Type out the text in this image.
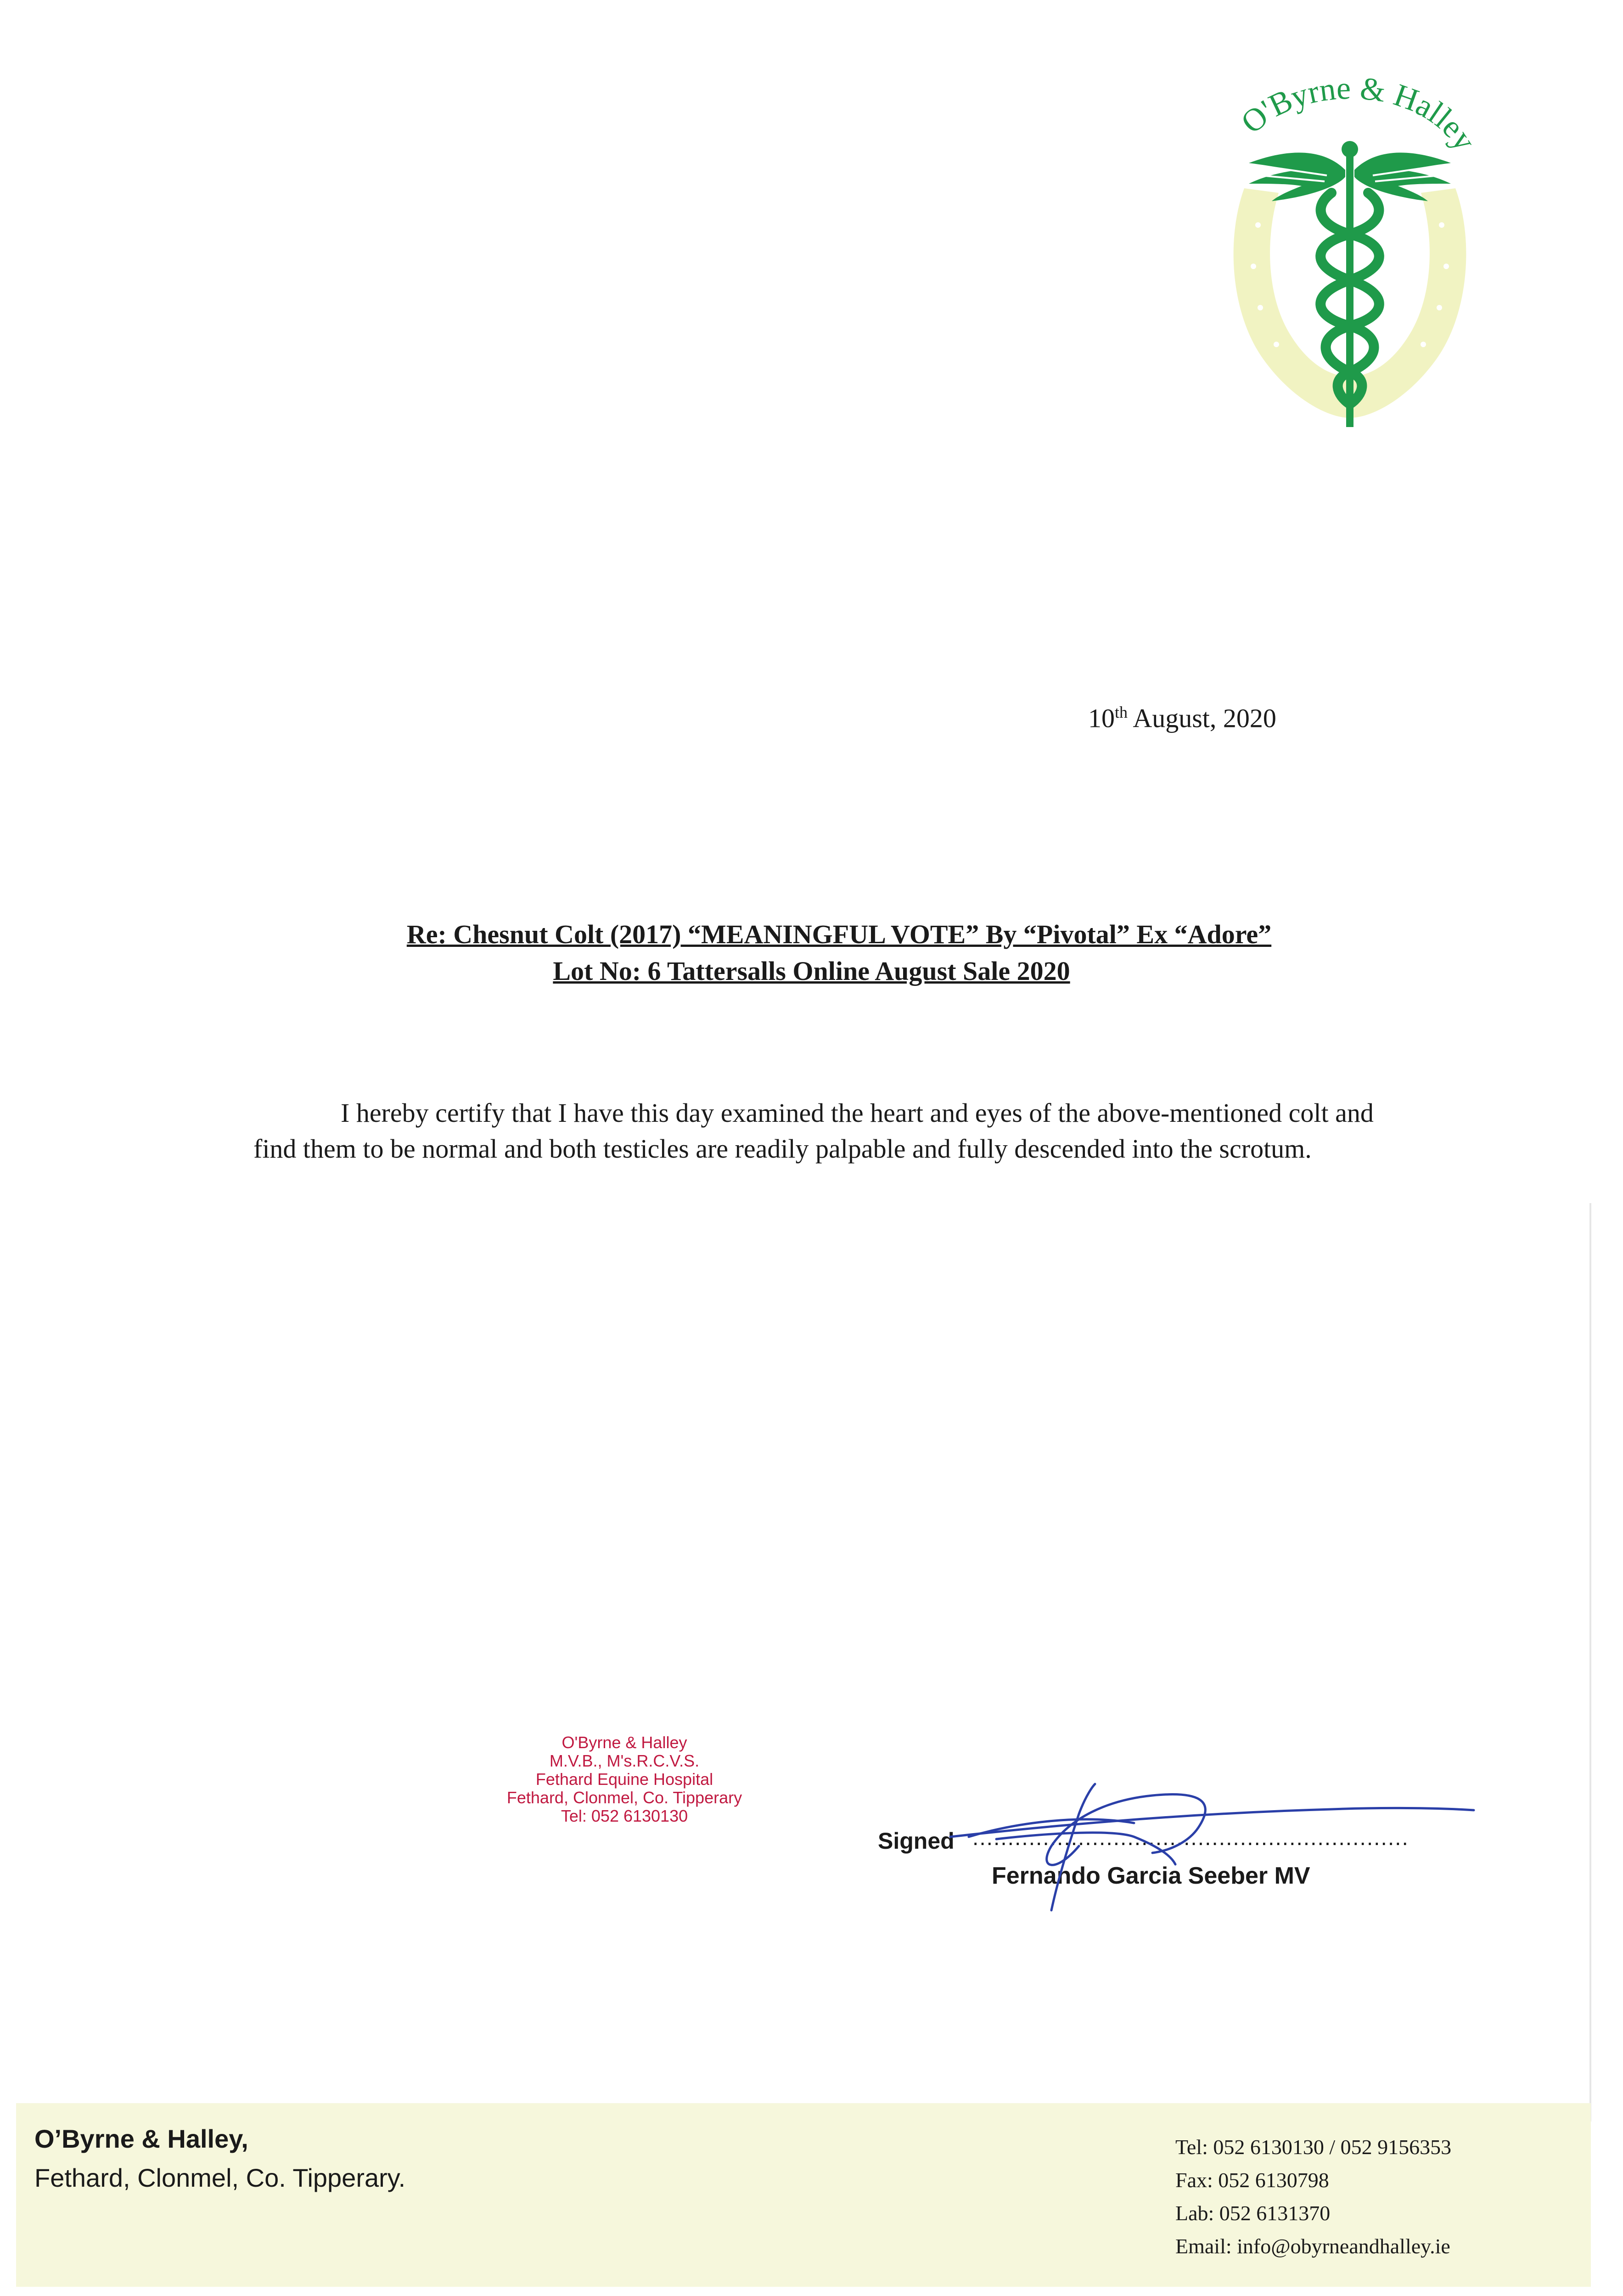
O'Byrne & Halley
10th August, 2020
Re: Chesnut Colt (2017) “MEANINGFUL VOTE” By “Pivotal” Ex “Adore”
Lot No: 6 Tattersalls Online August Sale 2020
I hereby certify that I have this day examined the heart and eyes of the above-mentioned colt and find them to be normal and both testicles are readily palpable and fully descended into the scrotum.
O'Byrne & Halley
M.V.B., M's.R.C.V.S.
Fethard Equine Hospital
Fethard, Clonmel, Co. Tipperary
Tel: 052 6130130
Signed ..............................................................
Fernando Garcia Seeber MV
O’Byrne & Halley,
Fethard, Clonmel, Co. Tipperary.
Tel: 052 6130130 / 052 9156353
Fax: 052 6130798
Lab: 052 6131370
Email: info@obyrneandhalley.ie
